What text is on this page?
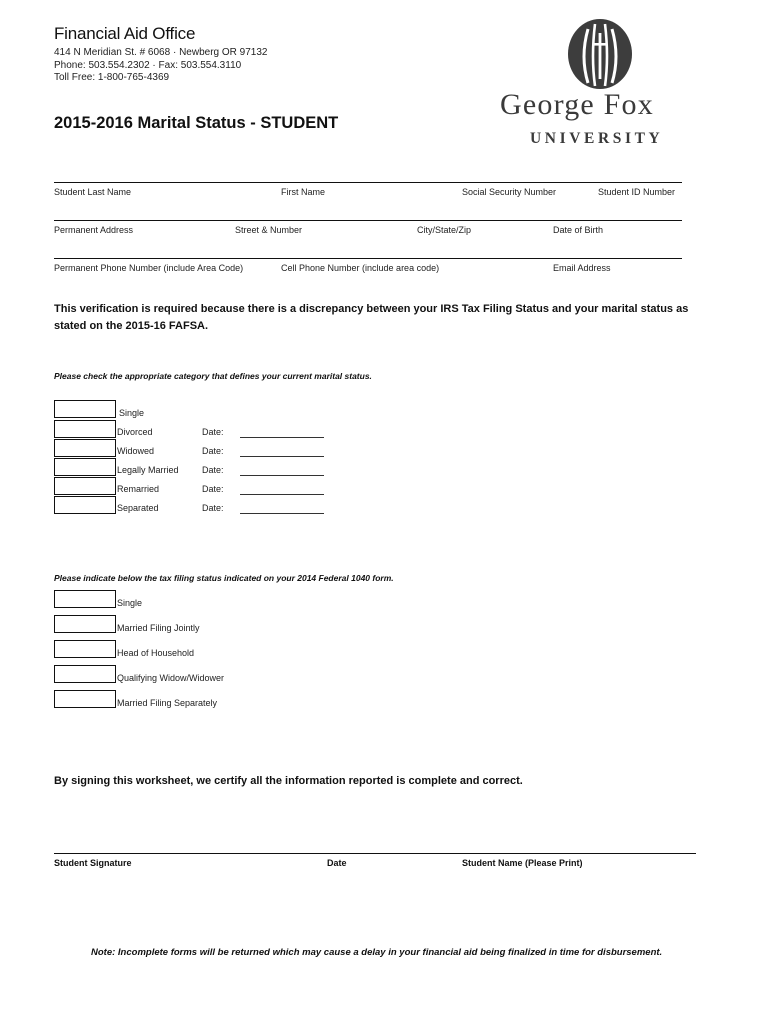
Financial Aid Office
414 N Meridian St. # 6068 · Newberg OR 97132
Phone: 503.554.2302 · Fax: 503.554.3110
Toll Free: 1-800-765-4369
George Fox
UNIVERSITY
2015-2016 Marital Status - STUDENT
Student Last Name	First Name	Social Security Number	Student ID Number
Permanent Address	Street & Number	City/State/Zip	Date of Birth
Permanent Phone Number (include Area Code)	Cell Phone Number (include area code)	Email Address
This verification is required because there is a discrepancy between your IRS Tax Filing Status and your marital status as stated on the 2015-16 FAFSA.
Please check the appropriate category that defines your current marital status.
Single
Divorced	Date:
Widowed	Date:
Legally Married	Date:
Remarried	Date:
Separated	Date:
Please indicate below the tax filing status indicated on your 2014 Federal 1040 form.
Single
Married Filing Jointly
Head of Household
Qualifying Widow/Widower
Married Filing Separately
By signing this worksheet, we certify all the information reported is complete and correct.
Student Signature	Date	Student Name (Please Print)
Note: Incomplete forms will be returned which may cause a delay in your financial aid being finalized in time for disbursement.
